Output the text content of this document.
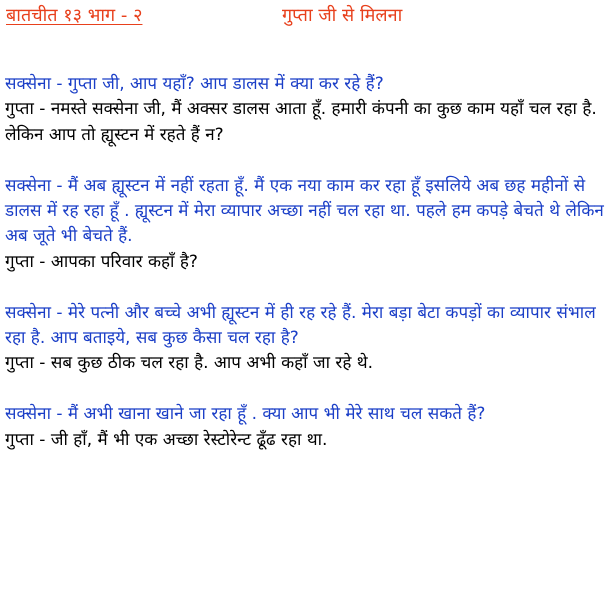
बातचीत १३ भाग - २	गुप्ता जी से मिलना

सक्सेना - गुप्ता जी, आप यहाँ? आप डालस में क्या कर रहे हैं?

गुप्ता - नमस्ते सक्सेना जी, मैं अक्सर डालस आता हूँ. हमारी कंपनी का कुछ काम यहाँ चल रहा है. लेकिन आप तो ह्यूस्टन में रहते हैं न?

सक्सेना - मैं अब ह्यूस्टन में नहीं रहता हूँ. मैं एक नया काम कर रहा हूँ इसलिये अब छह महीनों से डालस में रह रहा हूँ . ह्यूस्टन में मेरा व्यापार अच्छा नहीं चल रहा था. पहले हम कपड़े बेचते थे लेकिन अब जूते भी बेचते हैं.

गुप्ता - आपका परिवार कहाँ है?

सक्सेना - मेरे पत्नी और बच्चे अभी ह्यूस्टन में ही रह रहे हैं. मेरा बड़ा बेटा कपड़ों का व्यापार संभाल रहा है. आप बताइये, सब कुछ कैसा चल रहा है?

गुप्ता - सब कुछ ठीक चल रहा है. आप अभी कहाँ जा रहे थे.

सक्सेना - मैं अभी खाना खाने जा रहा हूँ . क्या आप भी मेरे साथ चल सकते हैं?

गुप्ता - जी हाँ, मैं भी एक अच्छा रेस्टोरेन्ट ढूँढ रहा था.
